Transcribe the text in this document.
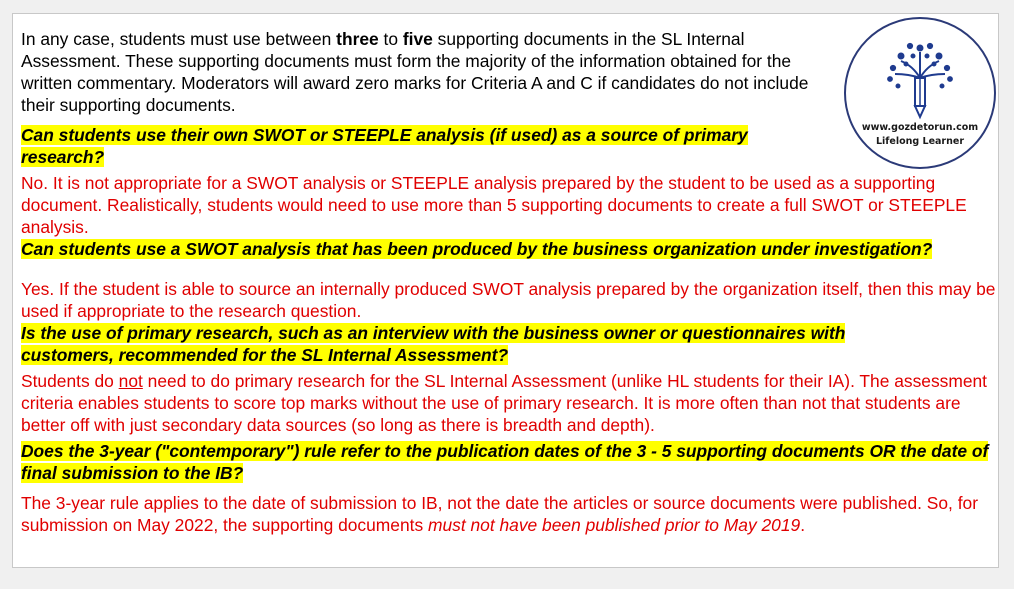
In any case, students must use between three to five supporting documents in the SL Internal Assessment. These supporting documents must form the majority of the information obtained for the written commentary. Moderators will award zero marks for Criteria A and C if candidates do not include their supporting documents.

Can students use their own SWOT or STEEPLE analysis (if used) as a source of primary research?

No. It is not appropriate for a SWOT analysis or STEEPLE analysis prepared by the student to be used as a supporting document. Realistically, students would need to use more than 5 supporting documents to create a full SWOT or STEEPLE analysis.

Can students use a SWOT analysis that has been produced by the business organization under investigation?

Yes. If the student is able to source an internally produced SWOT analysis prepared by the organization itself, then this may be used if appropriate to the research question.

Is the use of primary research, such as an interview with the business owner or questionnaires with customers, recommended for the SL Internal Assessment?

Students do not need to do primary research for the SL Internal Assessment (unlike HL students for their IA). The assessment criteria enables students to score top marks without the use of primary research. It is more often than not that students are better off with just secondary data sources (so long as there is breadth and depth).

Does the 3-year ("contemporary") rule refer to the publication dates of the 3 - 5 supporting documents OR the date of final submission to the IB?

The 3-year rule applies to the date of submission to IB, not the date the articles or source documents were published. So, for submission on May 2022, the supporting documents must not have been published prior to May 2019.

www.gozdetorun.com
Lifelong Learner
